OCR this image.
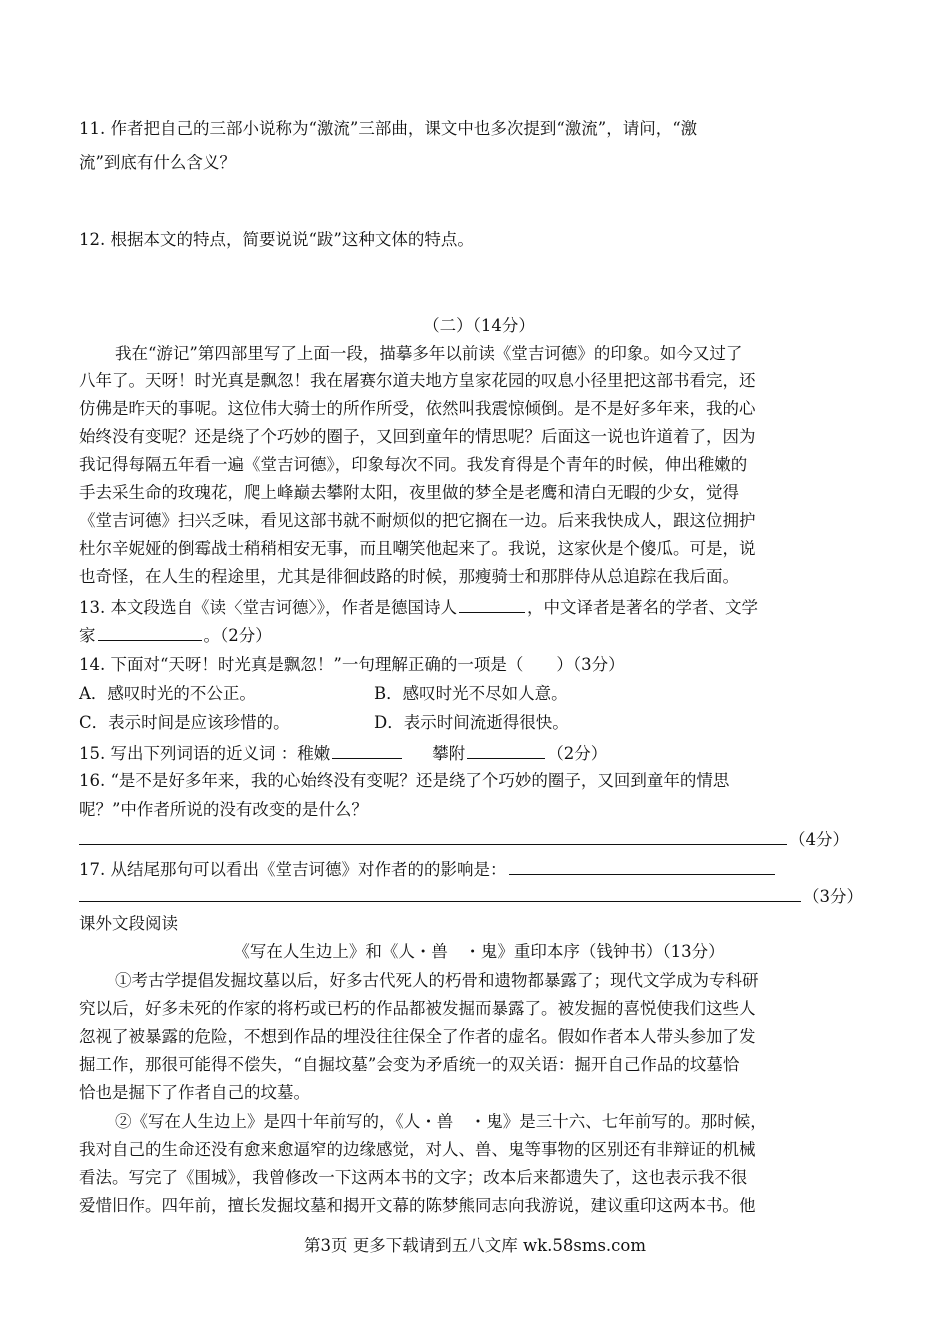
11. 作者把自己的三部小说称为“激流”三部曲，课文中也多次提到“激流”，请问，“激
流”到底有什么含义？
12. 根据本文的特点，简要说说“跋”这种文体的特点。
（二）（14分）
我在“游记”第四部里写了上面一段，描摹多年以前读《堂吉诃德》的印象。如今又过了
八年了。天呀！时光真是飘忽！我在屠赛尔道夫地方皇家花园的叹息小径里把这部书看完，还
仿佛是昨天的事呢。这位伟大骑士的所作所受，依然叫我震惊倾倒。是不是好多年来，我的心
始终没有变呢？还是绕了个巧妙的圈子，又回到童年的情思呢？后面这一说也许道着了，因为
我记得每隔五年看一遍《堂吉诃德》，印象每次不同。我发育得是个青年的时候，伸出稚嫩的
手去采生命的玫瑰花，爬上峰巅去攀附太阳，夜里做的梦全是老鹰和清白无暇的少女，觉得
《堂吉诃德》扫兴乏味，看见这部书就不耐烦似的把它搁在一边。后来我快成人，跟这位拥护
杜尔辛妮娅的倒霉战士稍稍相安无事，而且嘲笑他起来了。我说，这家伙是个傻瓜。可是，说
也奇怪，在人生的程途里，尤其是徘徊歧路的时候，那瘦骑士和那胖侍从总追踪在我后面。
13. 本文段选自《读〈堂吉诃德〉》，作者是德国诗人	，中文译者是著名的学者、文学
家	。（2分）
14. 下面对“天呀！时光真是飘忽！”一句理解正确的一项是（　　）（3分）
A．感叹时光的不公正。	B．感叹时光不尽如人意。
C．表示时间是应该珍惜的。	D．表示时间流逝得很快。
15. 写出下列词语的近义词 ：稚嫩	攀附	（2分）
16. “是不是好多年来，我的心始终没有变呢？还是绕了个巧妙的圈子，又回到童年的情思
呢？”中作者所说的没有改变的是什么？
（4分）
17. 从结尾那句可以看出《堂吉诃德》对作者的的影响是：
（3分）
课外文段阅读
《写在人生边上》和《人・兽　・鬼》重印本序（钱钟书）（13分）
①考古学提倡发掘坟墓以后，好多古代死人的朽骨和遗物都暴露了；现代文学成为专科研
究以后，好多未死的作家的将朽或已朽的作品都被发掘而暴露了。被发掘的喜悦使我们这些人
忽视了被暴露的危险，不想到作品的埋没往往保全了作者的虚名。假如作者本人带头参加了发
掘工作，那很可能得不偿失，“自掘坟墓”会变为矛盾统一的双关语：掘开自己作品的坟墓恰
恰也是掘下了作者自己的坟墓。
②《写在人生边上》是四十年前写的，《人・兽　・鬼》是三十六、七年前写的。那时候，
我对自己的生命还没有愈来愈逼窄的边缘感觉，对人、兽、鬼等事物的区别还有非辩证的机械
看法。写完了《围城》，我曾修改一下这两本书的文字；改本后来都遗失了，这也表示我不很
爱惜旧作。四年前，擅长发掘坟墓和揭开文幕的陈梦熊同志向我游说，建议重印这两本书。他
第3页 更多下载请到五八文库 wk.58sms.com
